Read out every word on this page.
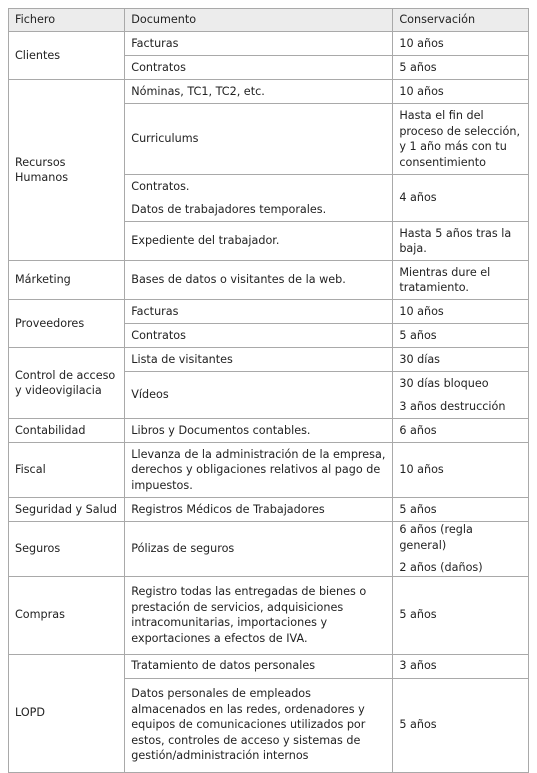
Fichero	Documento	Conservación
Clientes	Facturas	10 años

	Contratos	5 años

Recursos Humanos	Nóminas, TC1, TC2, etc.	10 años

	Curriculums	Hasta el fin del proceso de selección, y 1 año más con tu consentimiento

	Contratos.
Datos de trabajadores temporales.	4 años

	Expediente del trabajador.	Hasta 5 años tras la baja.

Márketing	Bases de datos o visitantes de la web.	Mientras dure el tratamiento.

Proveedores	Facturas	10 años

	Contratos	5 años

Control de acceso y videovigilacia	Lista de visitantes	30 días

	Vídeos	30 días bloqueo
3 años destrucción

Contabilidad	Libros y Documentos contables.	6 años

Fiscal	Llevanza de la administración de la empresa, derechos y obligaciones relativos al pago de impuestos.	10 años

Seguridad y Salud	Registros Médicos de Trabajadores	5 años

Seguros	Pólizas de seguros	6 años (regla general)
2 años (daños)

Compras	Registro todas las entregadas de bienes o prestación de servicios, adquisiciones intracomunitarias, importaciones y exportaciones a efectos de IVA.	5 años

LOPD	Tratamiento de datos personales	3 años

	Datos personales de empleados almacenados en las redes, ordenadores y equipos de comunicaciones utilizados por estos, controles de acceso y sistemas de gestión/administración internos	5 años
